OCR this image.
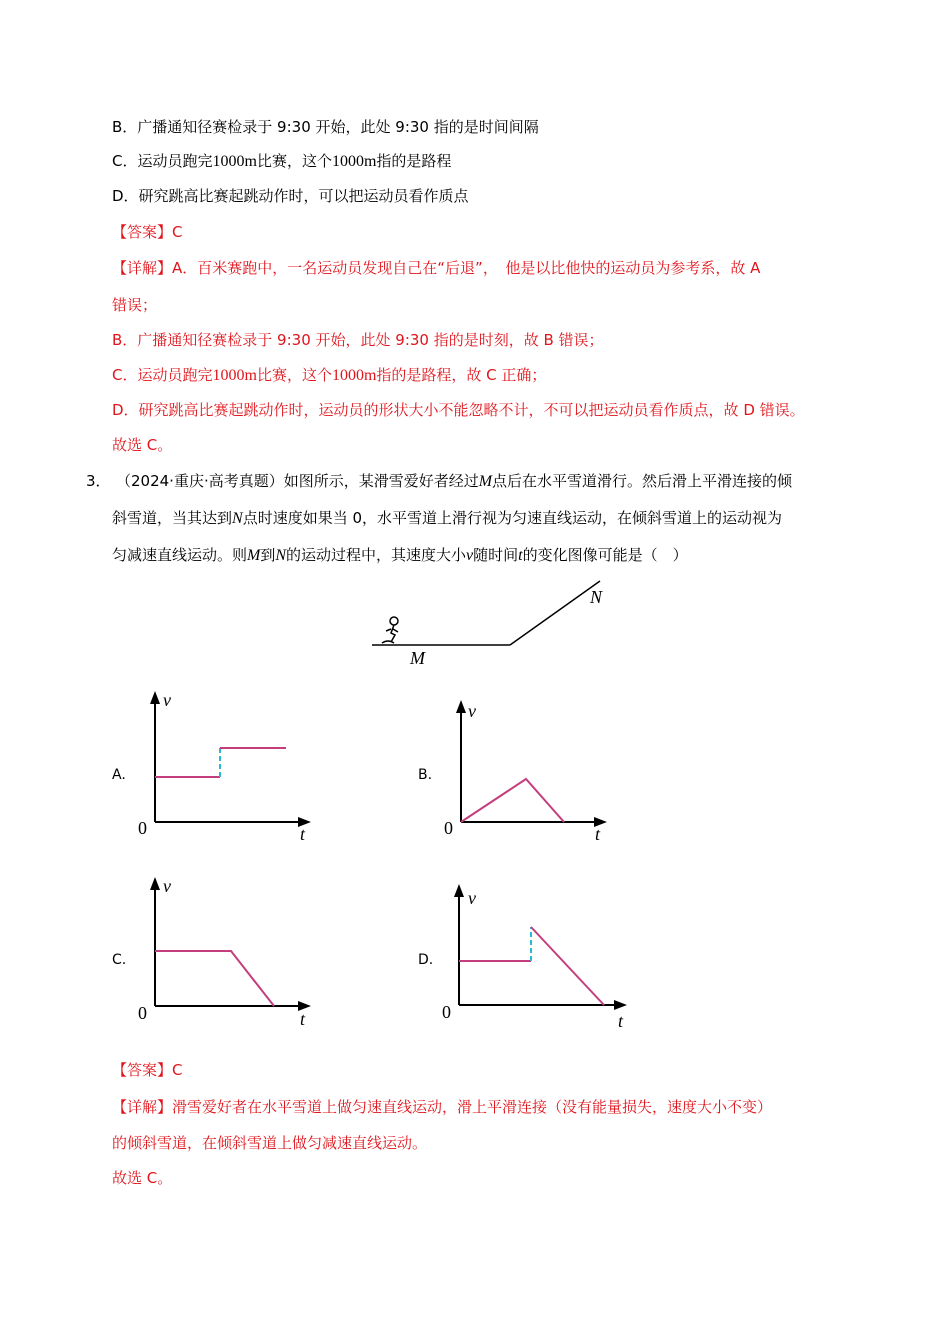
B．广播通知径赛检录于 9:30 开始，此处 9:30 指的是时间间隔
C．运动员跑完1000m比赛，这个1000m指的是路程
D．研究跳高比赛起跳动作时，可以把运动员看作质点
【答案】C
【详解】A．百米赛跑中，一名运动员发现自己在“后退”，　他是以比他快的运动员为参考系，故 A
错误；
B．广播通知径赛检录于 9:30 开始，此处 9:30 指的是时刻，故 B 错误；
C．运动员跑完1000m比赛，这个1000m指的是路程，故 C 正确；
D．研究跳高比赛起跳动作时，运动员的形状大小不能忽略不计，不可以把运动员看作质点，故 D 错误。
故选 C。
3． （2024·重庆·高考真题）如图所示，某滑雪爱好者经过M点后在水平雪道滑行。然后滑上平滑连接的倾
斜雪道，当其达到N点时速度如果当 0，水平雪道上滑行视为匀速直线运动，在倾斜雪道上的运动视为
匀减速直线运动。则M到N的运动过程中，其速度大小v随时间t的变化图像可能是（　）
M
N
A.
v
t
0
B.
v
t
0
C.
v
t
0
D.
v
t
0
【答案】C
【详解】滑雪爱好者在水平雪道上做匀速直线运动，滑上平滑连接（没有能量损失，速度大小不变）
的倾斜雪道，在倾斜雪道上做匀减速直线运动。
故选 C。
